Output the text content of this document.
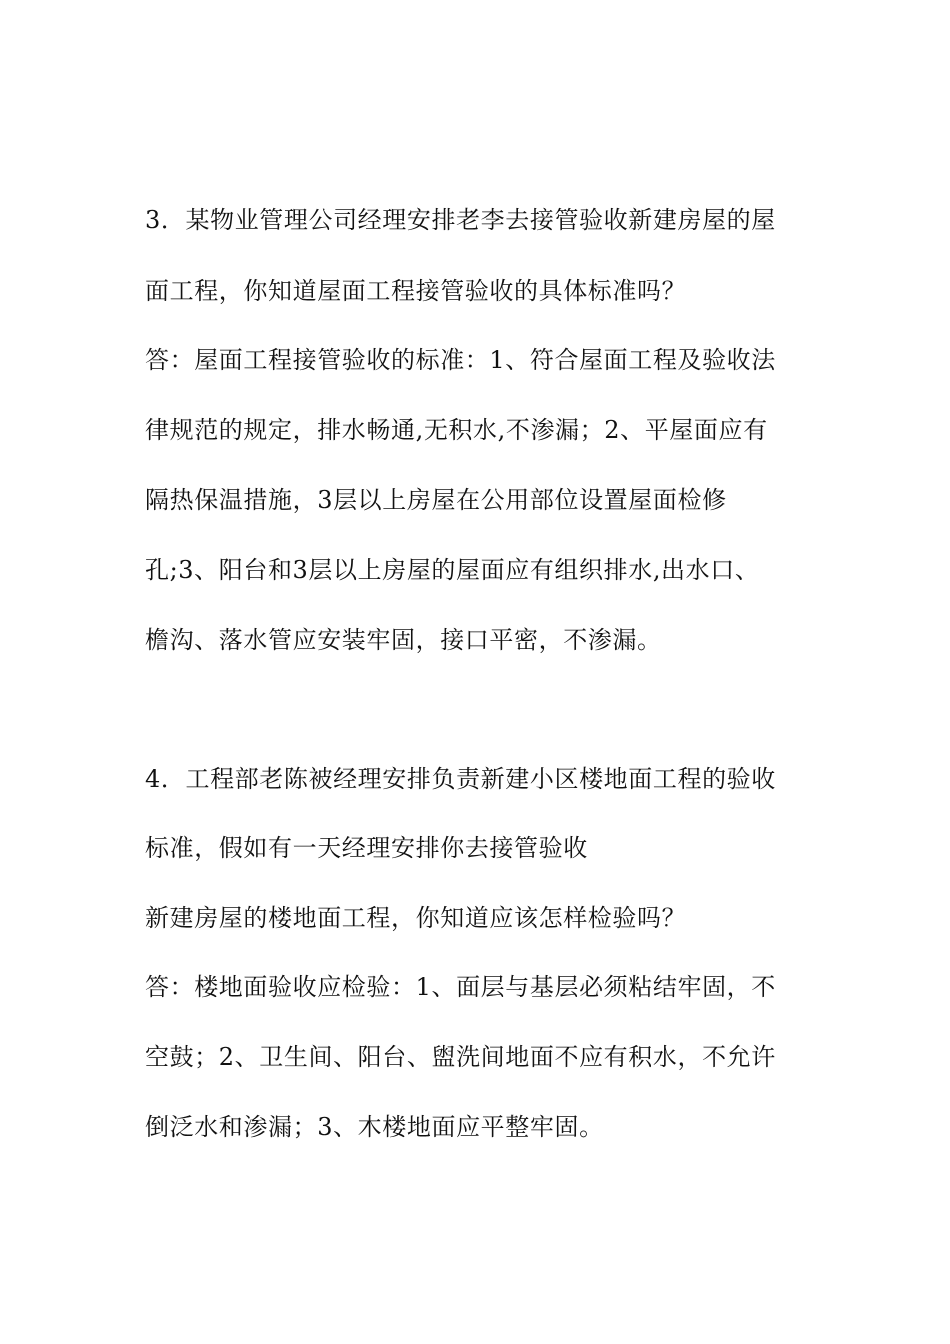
3．某物业管理公司经理安排老李去接管验收新建房屋的屋
面工程，你知道屋面工程接管验收的具体标准吗？
答：屋面工程接管验收的标准：1、符合屋面工程及验收法
律规范的规定，排水畅通,无积水,不渗漏；2、平屋面应有
隔热保温措施，3层以上房屋在公用部位设置屋面检修
孔;3、阳台和3层以上房屋的屋面应有组织排水,出水口、
檐沟、落水管应安装牢固，接口平密，不渗漏。
4．工程部老陈被经理安排负责新建小区楼地面工程的验收
标准，假如有一天经理安排你去接管验收
新建房屋的楼地面工程，你知道应该怎样检验吗？
答：楼地面验收应检验：1、面层与基层必须粘结牢固，不
空鼓；2、卫生间、阳台、盥洗间地面不应有积水，不允许
倒泛水和渗漏；3、木楼地面应平整牢固。
